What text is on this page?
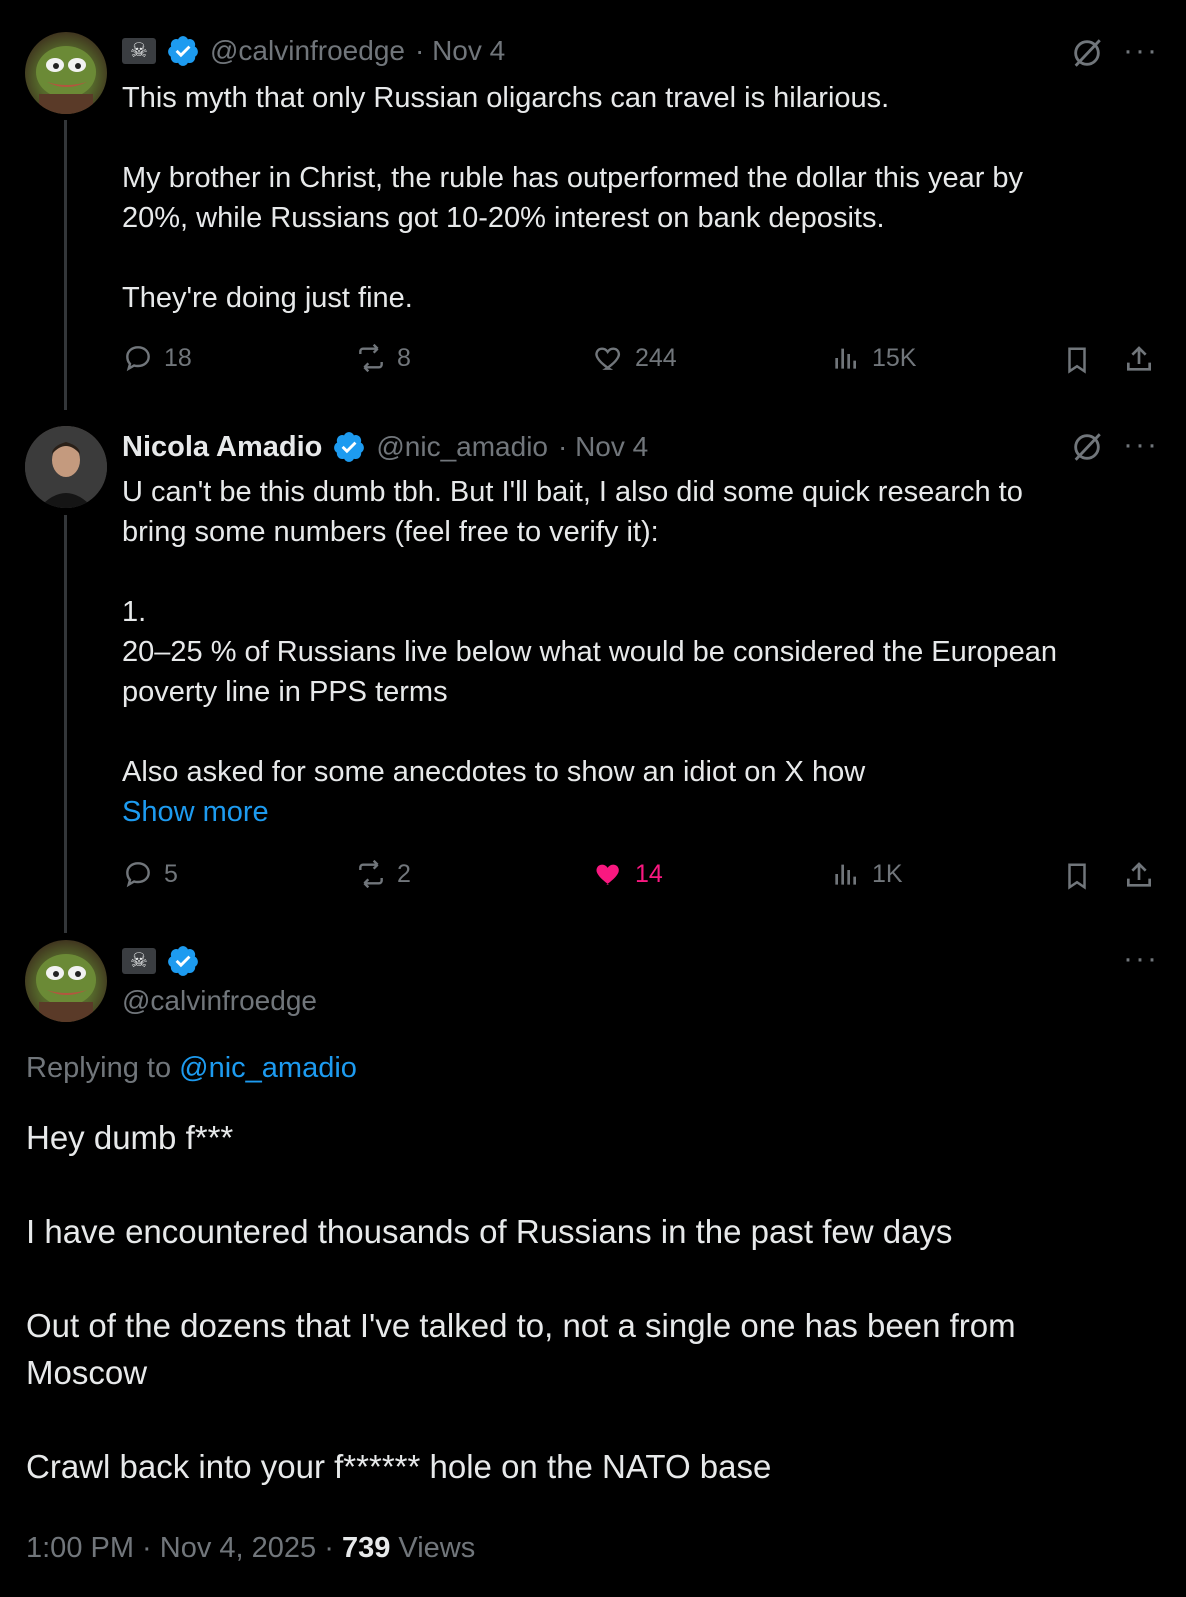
☠ @calvinfroedge · Nov 4	···
This myth that only Russian oligarchs can travel is hilarious.

My brother in Christ, the ruble has outperformed the dollar this year by
20%, while Russians got 10-20% interest on bank deposits.

They're doing just fine.
18	8	244	15K
Nicola Amadio @nic_amadio · Nov 4	···
U can't be this dumb tbh. But I'll bait, I also did some quick research to
bring some numbers (feel free to verify it):

1.
20–25 % of Russians live below what would be considered the European
poverty line in PPS terms

Also asked for some anecdotes to show an idiot on X how
Show more
5	2	14	1K
☠
@calvinfroedge
···
Replying to @nic_amadio
Hey dumb f***

I have encountered thousands of Russians in the past few days

Out of the dozens that I've talked to, not a single one has been from
Moscow

Crawl back into your f****** hole on the NATO base
1:00 PM · Nov 4, 2025 · 739 Views
